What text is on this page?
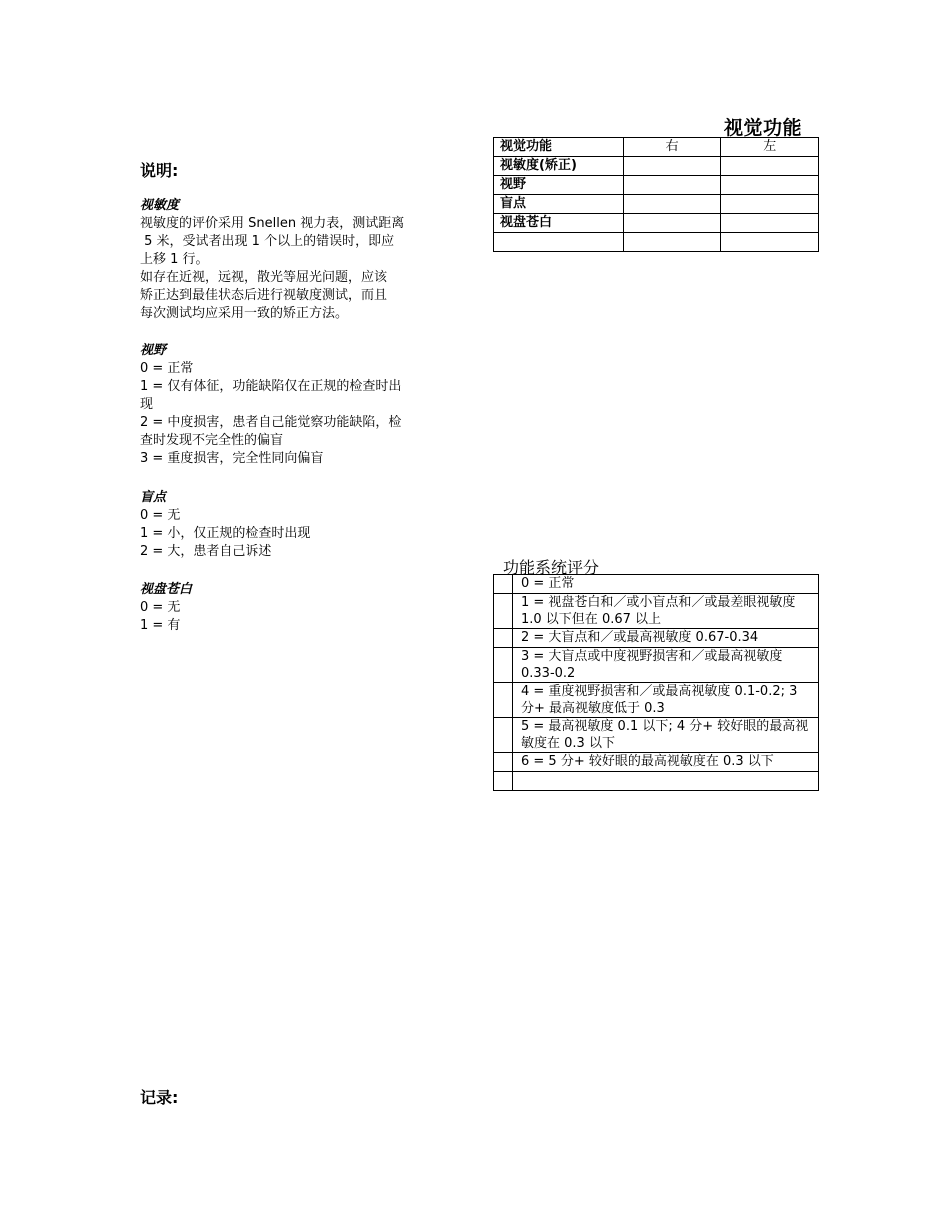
视觉功能
说明:
视敏度

视敏度的评价采用 Snellen 视力表，测试距离

5 米，受试者出现 1 个以上的错误时，即应

上移 1 行。

如存在近视，远视，散光等屈光问题，应该

矫正达到最佳状态后进行视敏度测试，而且

每次测试均应采用一致的矫正方法。

视野

0 = 正常

1 = 仅有体征，功能缺陷仅在正规的检查时出

现

2 = 中度损害，患者自己能觉察功能缺陷，检

查时发现不完全性的偏盲

3 = 重度损害，完全性同向偏盲

盲点

0 = 无

1 = 小，仅正规的检查时出现

2 = 大，患者自己诉述

视盘苍白

0 = 无

1 = 有

视觉功能	右	左
视敏度(矫正)		
视野		
盲点		
视盘苍白		

功能系统评分
	0 = 正常
	1 = 视盘苍白和／或小盲点和／或最差眼视敏度 1.0 以下但在 0.67 以上
	2 = 大盲点和／或最高视敏度 0.67-0.34
	3 = 大盲点或中度视野损害和／或最高视敏度 0.33-0.2
	4 = 重度视野损害和／或最高视敏度 0.1-0.2; 3 分+ 最高视敏度低于 0.3
	5 = 最高视敏度 0.1 以下; 4 分+ 较好眼的最高视敏度在 0.3 以下
	6 = 5 分+ 较好眼的最高视敏度在 0.3 以下

记录:
